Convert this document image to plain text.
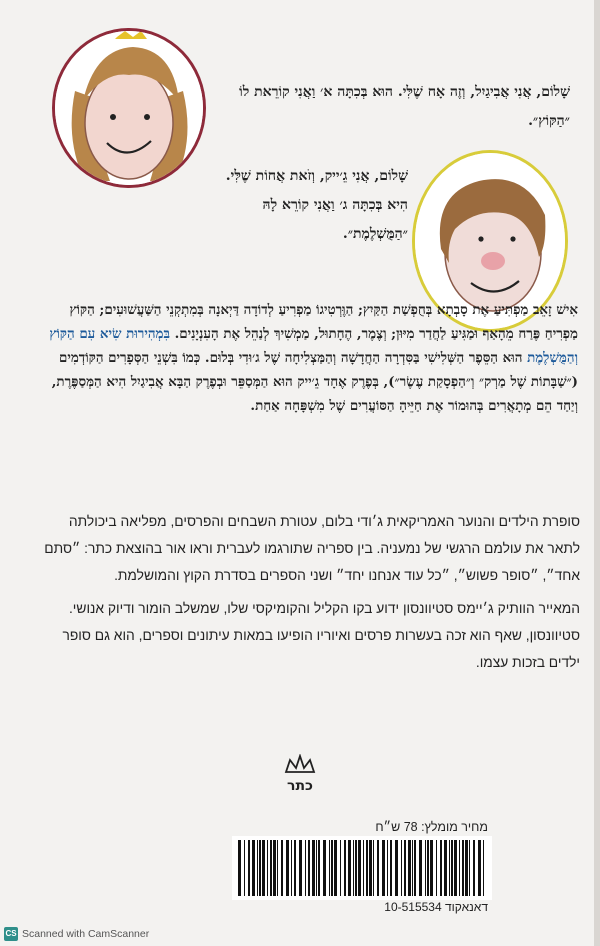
שָׁלוֹם, אֲנִי אֲבִיגַיִל, וְזֶה אָח שֶׁלִּי. הוּא בְּכִתָּה א׳ וַאֲנִי קוֹרֵאת לוֹ ״הַקּוֹץ״.

שָׁלוֹם, אֲנִי גֵ׳ייק, וְזֹאת אֲחוֹת שֶׁלִּי. הִיא בְּכִתָּה ג׳ וַאֲנִי קוֹרֵא לָהּ ״הַמֻּשְׁלֶמֶת״.

אִישׁ זָאֵב מַפְתִּיעַ אֶת סָבְתָא בְּחֻפְשַׁת הַקַּיִץ; הַוֶּרְטִיגוֹ מַפְרִיעַ לְדוֹדָה דַּיְאנָה בְּמִתְקְנֵי הַשַּׁעֲשׁוּעִים; הַקּוֹץ מַפְרִיחַ פֶּרַח מֵהָאַף וּמַגִּיעַ לַחֲדַר מִיּוּן; וְצֶמֶר, הֶחָתוּל, מַמְשִׁיךְ לְנַהֵל אֶת הָעִנְיָנִים. בִּמְהִירוּת שִׂיא עִם הַקּוֹץ וְהַמֻּשְׁלֶמֶת הוּא הַסֵּפֶר הַשְּׁלִישִׁי בַּסִּדְרָה הַחֲדָשָׁה וְהַמַּצְלִיחָה שֶׁל ג׳וּדִי בְּלוּם. כְּמוֹ בִּשְׁנֵי הַסְּפָרִים הַקּוֹדְמִים (״שַׁבָּתוֹת שֶׁל מַרְק״ וְ״הַפְסָקַת עֶשֶׂר״), בְּפֶרֶק אֶחָד גֵ׳ייק הוּא הַמְּסַפֵּר וּבְפֶרֶק הַבָּא אֲבִיגַיִל הִיא הַמְּסַפֶּרֶת, וְיַחַד הֵם מְתָאֲרִים בְּהוּמוֹר אֶת חַיֵּיהָ הַסּוֹעֲרִים שֶׁל מִשְׁפָּחָה אַחַת.

סופרת הילדים והנוער האמריקאית ג׳ודי בלום, עטורת השבחים והפרסים, מפליאה ביכולתה לתאר את עולמם הרגשי של נמעניה. בין ספריה שתורגמו לעברית וראו אור בהוצאת כתר: ״סתם אחד״, ״סופר פשוש״, ״כל עוד אנחנו יחד״ ושני הספרים בסדרת הקוץ והמושלמת.

המאייר הוותיק ג׳יימס סטיוונסון ידוע בקו הקליל והקומיקסי שלו, שמשלב הומור ודיוק אנושי. סטיוונסון, שאף הוא זכה בעשרות פרסים ואיוריו הופיעו במאות עיתונים וספרים, הוא גם סופר ילדים בזכות עצמו.

כתר

מחיר מומלץ: 78 ש״ח

דאנאקוד 10-515534

CS Scanned with CamScanner
